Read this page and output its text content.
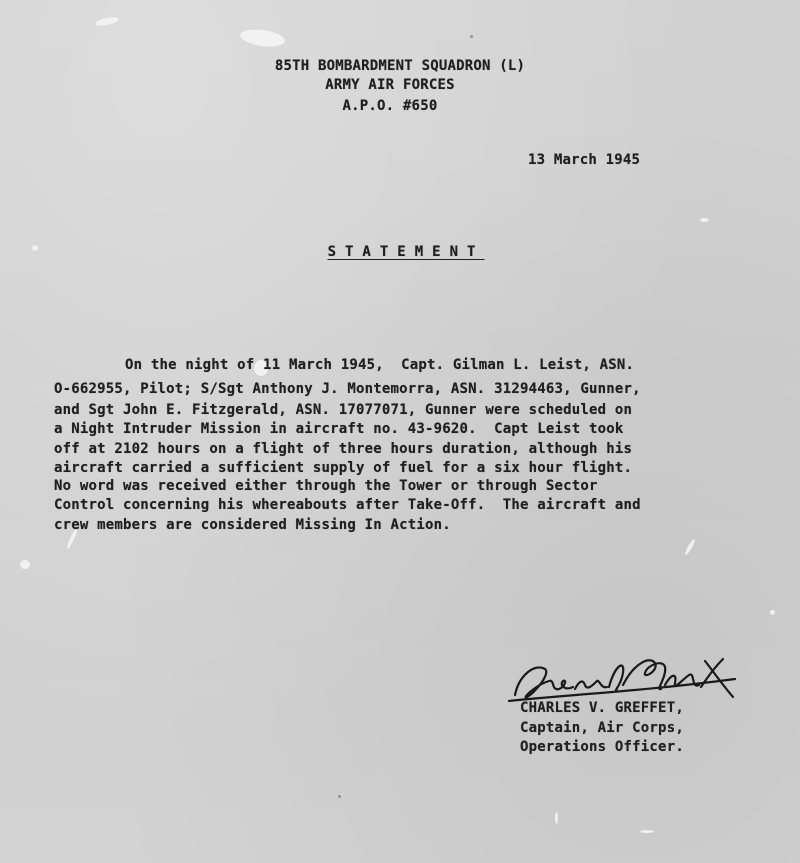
85TH BOMBARDMENT SQUADRON (L)
ARMY AIR FORCES
A.P.O. #650
13 March 1945
STATEMENT
On the night of 11 March 1945,  Capt. Gilman L. Leist, ASN.
O-662955, Pilot; S/Sgt Anthony J. Montemorra, ASN. 31294463, Gunner,
and Sgt John E. Fitzgerald, ASN. 17077071, Gunner were scheduled on
a Night Intruder Mission in aircraft no. 43-9620.  Capt Leist took
off at 2102 hours on a flight of three hours duration, although his
aircraft carried a sufficient supply of fuel for a six hour flight.
No word was received either through the Tower or through Sector
Control concerning his whereabouts after Take-Off.  The aircraft and
crew members are considered Missing In Action.
CHARLES V. GREFFET,
Captain, Air Corps,
Operations Officer.
